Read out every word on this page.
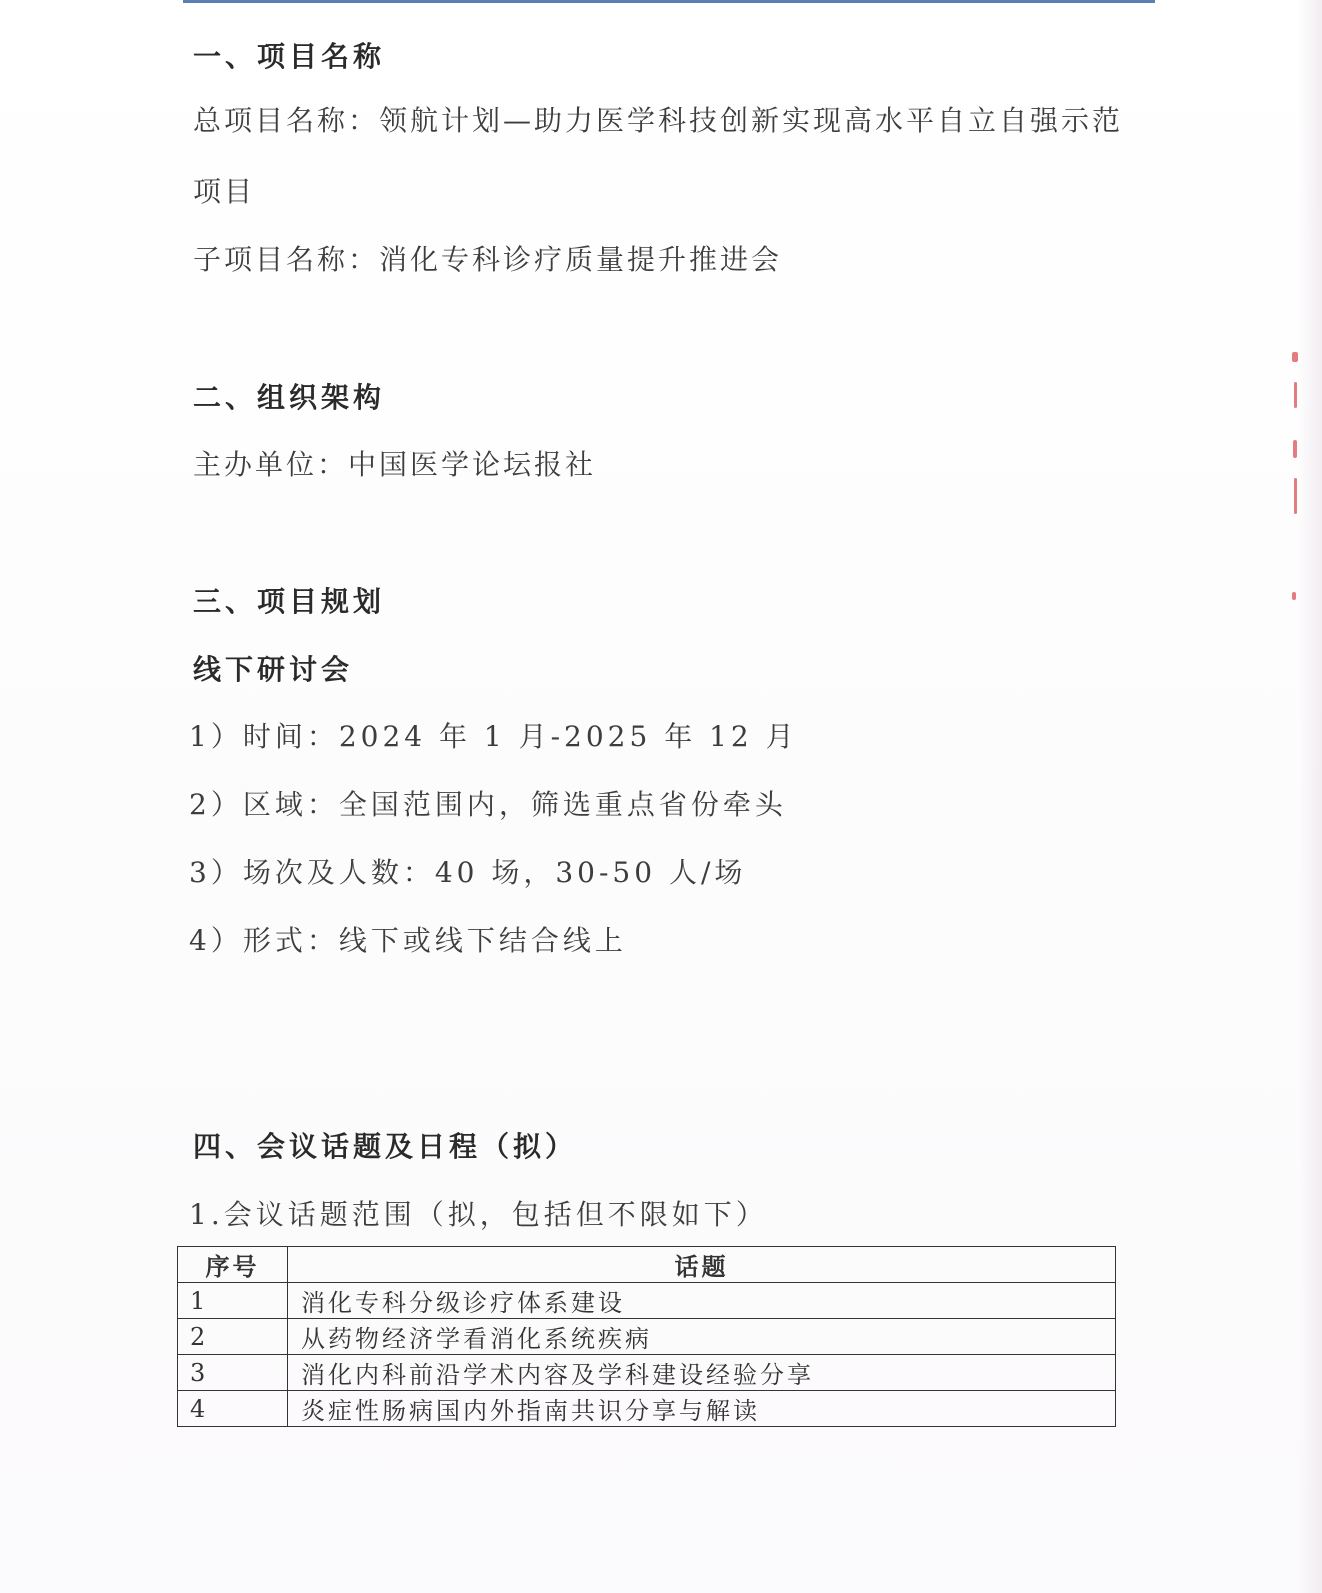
一、项目名称
总项目名称：领航计划—助力医学科技创新实现高水平自立自强示范
项目
子项目名称：消化专科诊疗质量提升推进会
二、组织架构
主办单位：中国医学论坛报社
三、项目规划
线下研讨会
1）时间：2024 年 1 月-2025 年 12 月
2）区域：全国范围内，筛选重点省份牵头
3）场次及人数：40 场，30-50 人/场
4）形式：线下或线下结合线上
四、会议话题及日程（拟）
1.会议话题范围（拟，包括但不限如下）
序号	话题
1	消化专科分级诊疗体系建设
2	从药物经济学看消化系统疾病
3	消化内科前沿学术内容及学科建设经验分享
4	炎症性肠病国内外指南共识分享与解读
